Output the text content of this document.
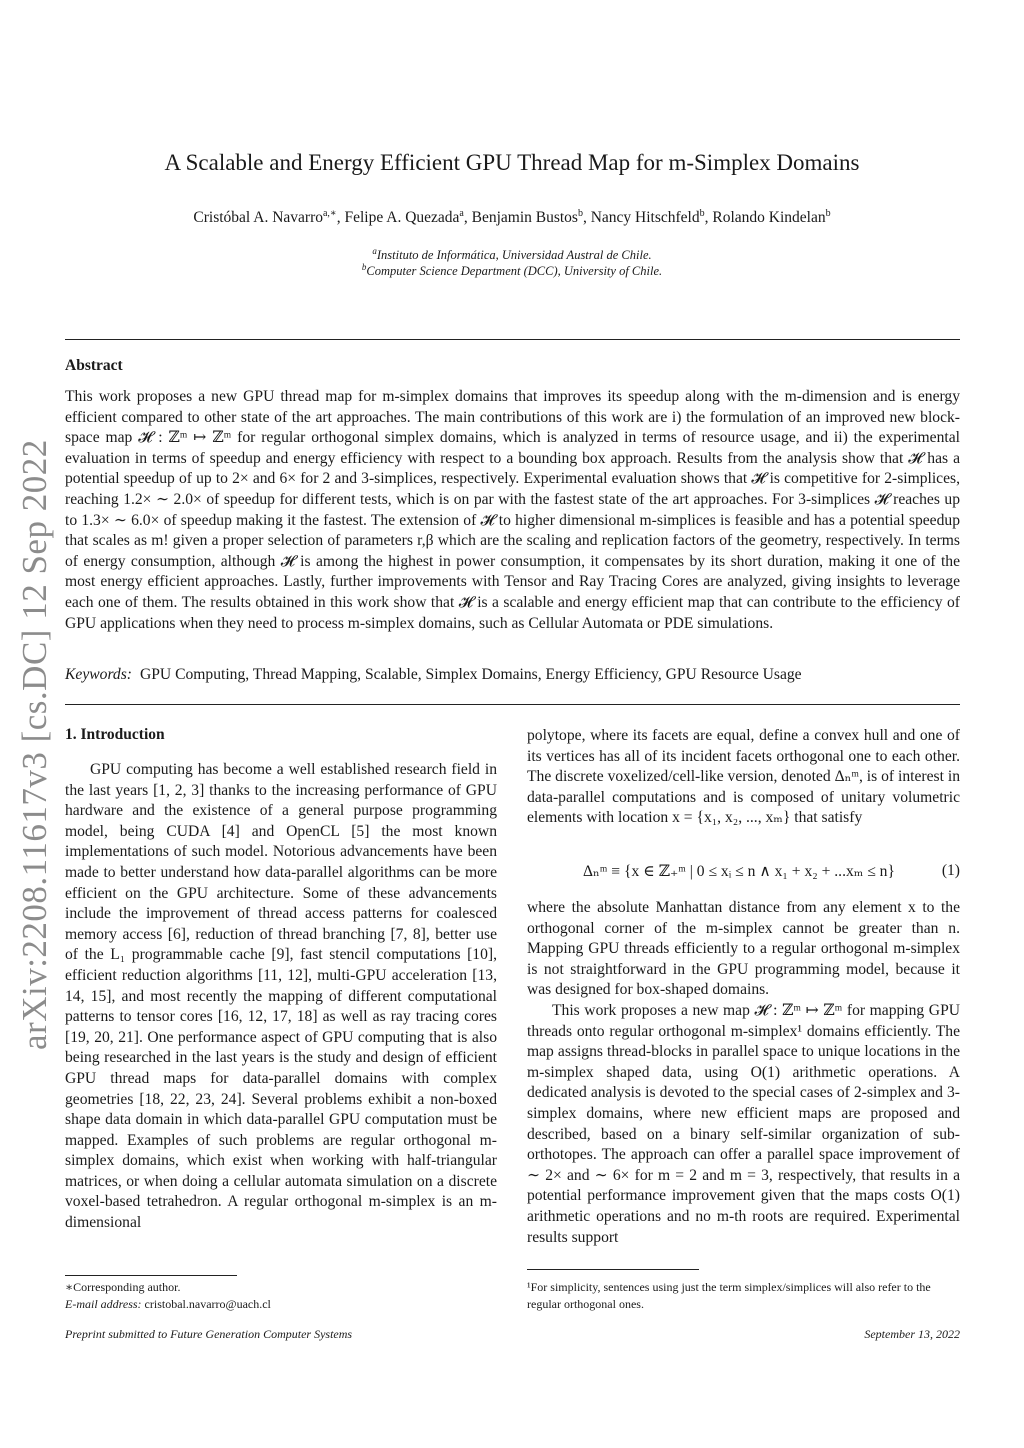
arXiv:2208.11617v3 [cs.DC] 12 Sep 2022
A Scalable and Energy Efficient GPU Thread Map for m-Simplex Domains
Cristóbal A. Navarro$^{a,∗}$, Felipe A. Quezada$^a$, Benjamin Bustos$^b$, Nancy Hitschfeld$^b$, Rolando Kindelan$^b$
$^a$Instituto de Informática, Universidad Austral de Chile.
$^b$Computer Science Department (DCC), University of Chile.
Abstract
This work proposes a new GPU thread map for m-simplex domains that improves its speedup along with the m-dimension and is energy efficient compared to other state of the art approaches. The main contributions of this work are i) the formulation of an improved new block-space map 𝓗 : ℤᵐ ↦ ℤᵐ for regular orthogonal simplex domains, which is analyzed in terms of resource usage, and ii) the experimental evaluation in terms of speedup and energy efficiency with respect to a bounding box approach. Results from the analysis show that 𝓗 has a potential speedup of up to 2× and 6× for 2 and 3-simplices, respectively. Experimental evaluation shows that 𝓗 is competitive for 2-simplices, reaching 1.2× ∼ 2.0× of speedup for different tests, which is on par with the fastest state of the art approaches. For 3-simplices 𝓗 reaches up to 1.3× ∼ 6.0× of speedup making it the fastest. The extension of 𝓗 to higher dimensional m-simplices is feasible and has a potential speedup that scales as m! given a proper selection of parameters r,β which are the scaling and replication factors of the geometry, respectively. In terms of energy consumption, although 𝓗 is among the highest in power consumption, it compensates by its short duration, making it one of the most energy efficient approaches. Lastly, further improvements with Tensor and Ray Tracing Cores are analyzed, giving insights to leverage each one of them. The results obtained in this work show that 𝓗 is a scalable and energy efficient map that can contribute to the efficiency of GPU applications when they need to process m-simplex domains, such as Cellular Automata or PDE simulations.
Keywords: GPU Computing, Thread Mapping, Scalable, Simplex Domains, Energy Efficiency, GPU Resource Usage
1. Introduction
GPU computing has become a well established research field in the last years [1, 2, 3] thanks to the increasing performance of GPU hardware and the existence of a general purpose programming model, being CUDA [4] and OpenCL [5] the most known implementations of such model. Notorious advancements have been made to better understand how data-parallel algorithms can be more efficient on the GPU architecture. Some of these advancements include the improvement of thread access patterns for coalesced memory access [6], reduction of thread branching [7, 8], better use of the L₁ programmable cache [9], fast stencil computations [10], efficient reduction algorithms [11, 12], multi-GPU acceleration [13, 14, 15], and most recently the mapping of different computational patterns to tensor cores [16, 12, 17, 18] as well as ray tracing cores [19, 20, 21]. One performance aspect of GPU computing that is also being researched in the last years is the study and design of efficient GPU thread maps for data-parallel domains with complex geometries [18, 22, 23, 24]. Several problems exhibit a non-boxed shape data domain in which data-parallel GPU computation must be mapped. Examples of such problems are regular orthogonal m-simplex domains, which exist when working with half-triangular matrices, or when doing a cellular automata simulation on a discrete voxel-based tetrahedron. A regular orthogonal m-simplex is an m-dimensional
polytope, where its facets are equal, define a convex hull and one of its vertices has all of its incident facets orthogonal one to each other. The discrete voxelized/cell-like version, denoted Δₙᵐ, is of interest in data-parallel computations and is composed of unitary volumetric elements with location x = {x₁, x₂, ..., xₘ} that satisfy
Δₙᵐ ≡ {x ∈ ℤ₊ᵐ | 0 ≤ xᵢ ≤ n ∧ x₁ + x₂ + ...xₘ ≤ n}	(1)
where the absolute Manhattan distance from any element x to the orthogonal corner of the m-simplex cannot be greater than n. Mapping GPU threads efficiently to a regular orthogonal m-simplex is not straightforward in the GPU programming model, because it was designed for box-shaped domains.
This work proposes a new map 𝓗 : ℤᵐ ↦ ℤᵐ for mapping GPU threads onto regular orthogonal m-simplex¹ domains efficiently. The map assigns thread-blocks in parallel space to unique locations in the m-simplex shaped data, using O(1) arithmetic operations. A dedicated analysis is devoted to the special cases of 2-simplex and 3-simplex domains, where new efficient maps are proposed and described, based on a binary self-similar organization of sub-orthotopes. The approach can offer a parallel space improvement of ∼ 2× and ∼ 6× for m = 2 and m = 3, respectively, that results in a potential performance improvement given that the maps costs O(1) arithmetic operations and no m-th roots are required. Experimental results support
∗Corresponding author.
E-mail address: cristobal.navarro@uach.cl
¹For simplicity, sentences using just the term simplex/simplices will also refer to the regular orthogonal ones.
Preprint submitted to Future Generation Computer Systems	September 13, 2022
